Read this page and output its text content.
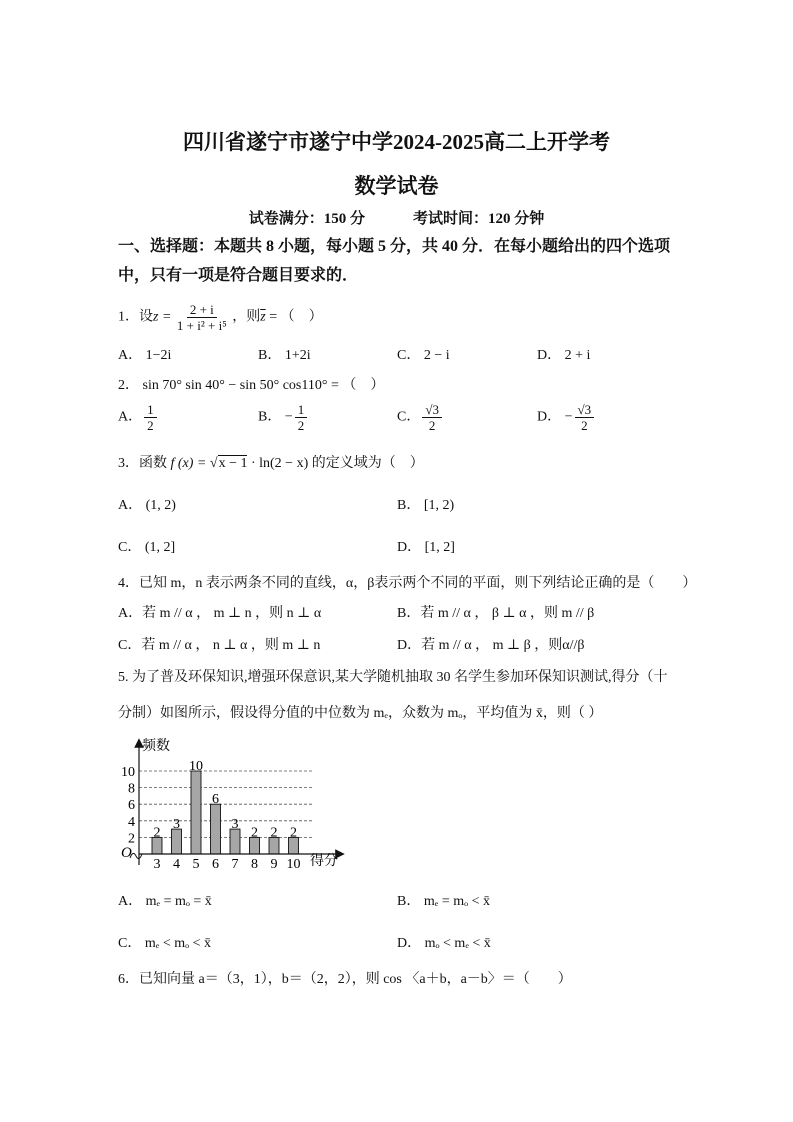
四川省遂宁市遂宁中学2024-2025高二上开学考
数学试卷
试卷满分：150 分	考试时间：120 分钟
一、选择题：本题共 8 小题，每小题 5 分，共 40 分．在每小题给出的四个选项中，只有一项是符合题目要求的．
1．设$z = \frac{2 + i}{\text{1 + i² + i⁵}}$ ，则$\overline{z}$ = （　）
A． 1−2i	B． 1+2i	C． 2 − i	D． 2 + i
2． sin 70° sin 40° − sin 50° cos110° = （　）
A． $\frac{1}{2}$	B． − $\frac{1}{2}$	C． $\frac{√3}{2}$	D． − $\frac{√3}{2}$
3．函数 f (x) = √x − 1 · ln(2 − x) 的定义域为（　）
A． (1, 2)	B． [1, 2)
C． (1, 2]	D． [1, 2]
4．已知 m，n 表示两条不同的直线，α，β表示两个不同的平面，则下列结论正确的是（　　）
A．若 m // α ， m ⊥ n ，则 n ⊥ α	B．若 m // α ， β ⊥ α ，则 m // β
C．若 m // α ， n ⊥ α ，则 m ⊥ n	D．若 m // α ， m ⊥ β ，则α//β
5. 为了普及环保知识,增强环保意识,某大学随机抽取 30 名学生参加环保知识测试,得分（十
分制）如图所示，假设得分值的中位数为 mₑ，众数为 mₒ，平均值为 x̄，则（ ）
2
4
6
8
10
2
3
3
4
10
5
6
6
3
7
2
8
2
9
2
10
O
频数
得分
A． mₑ = mₒ = x̄	B． mₑ = mₒ < x̄
C． mₑ < mₒ < x̄	D． mₒ < mₑ < x̄
6．已知向量 a＝（3，1），b＝（2，2），则 cos 〈a＋b，a－b〉＝（　　）
